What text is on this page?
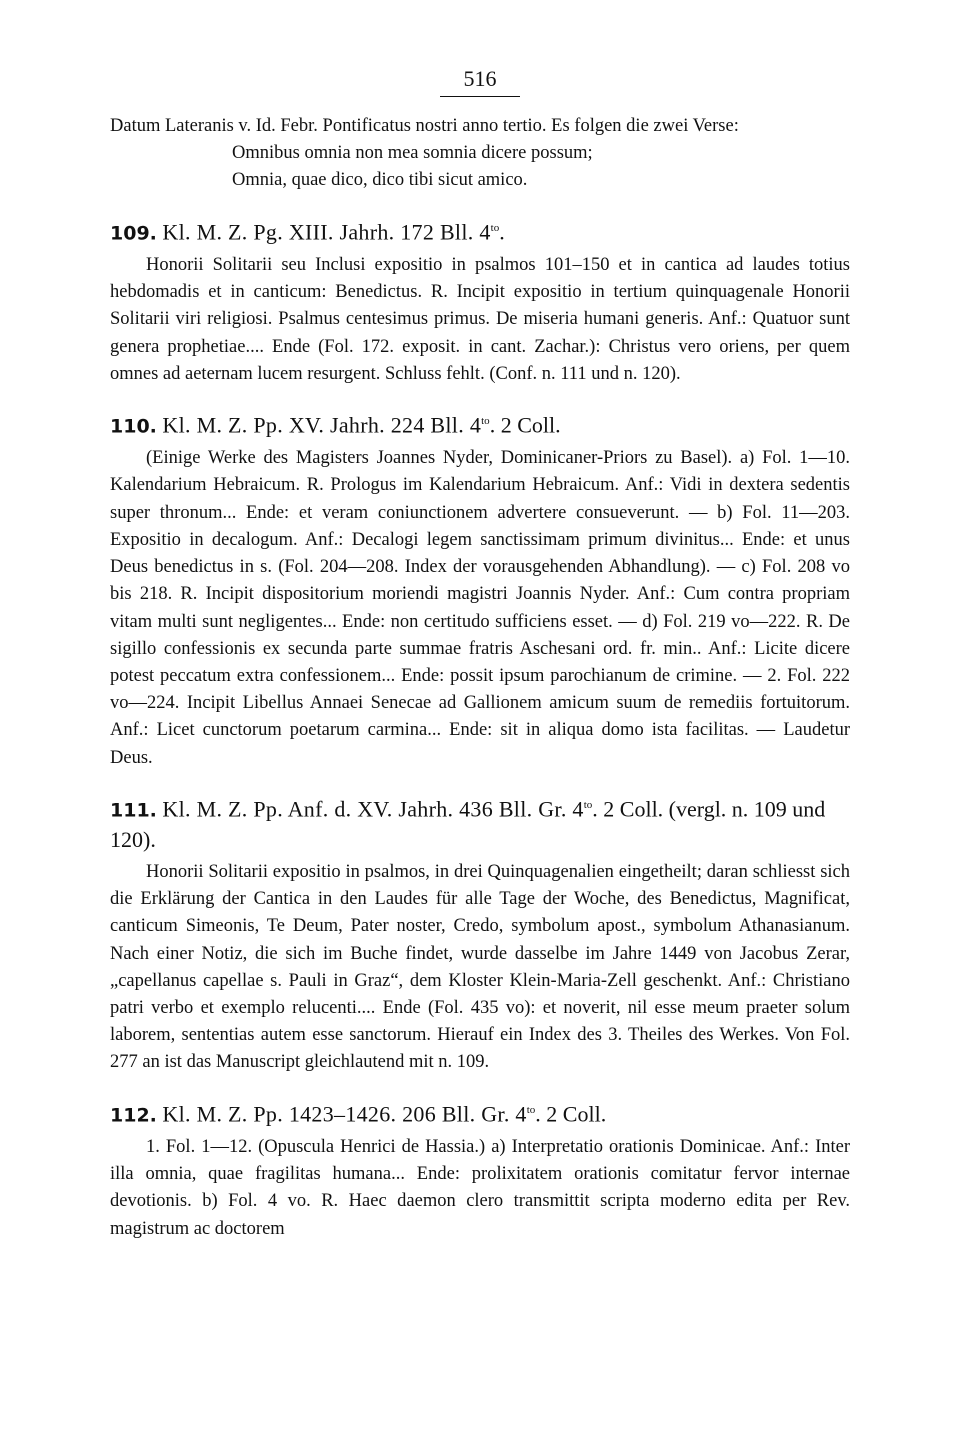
516

Datum Lateranis v. Id. Febr. Pontificatus nostri anno tertio. Es folgen die zwei Verse:

Omnibus omnia non mea somnia dicere possum;
Omnia, quae dico, dico tibi sicut amico.
109. Kl. M. Z. Pg. XIII. Jahrh. 172 Bll. $4^{to}$.

Honorii Solitarii seu Inclusi expositio in psalmos 101–150 et in cantica ad laudes totius hebdomadis et in canticum: Benedictus. R. Incipit expositio in tertium quinquagenale Honorii Solitarii viri religiosi. Psalmus centesimus primus. De miseria humani generis. Anf.: Quatuor sunt genera prophetiae.... Ende (Fol. 172. exposit. in cant. Zachar.): Christus vero oriens, per quem omnes ad aeternam lucem resurgent. Schluss fehlt. (Conf. n. 111 und n. 120).

110. Kl. M. Z. Pp. XV. Jahrh. 224 Bll. $4^{to}$. 2 Coll.

(Einige Werke des Magisters Joannes Nyder, Dominicaner-Priors zu Basel). a) Fol. 1—10. Kalendarium Hebraicum. R. Prologus im Kalendarium Hebraicum. Anf.: Vidi in dextera sedentis super thronum... Ende: et veram coniunctionem advertere consueverunt. — b) Fol. 11—203. Expositio in decalogum. Anf.: Decalogi legem sanctissimam primum divinitus... Ende: et unus Deus benedictus in s. (Fol. 204—208. Index der vorausgehenden Abhandlung). — c) Fol. 208 vo bis 218. R. Incipit dispositorium moriendi magistri Joannis Nyder. Anf.: Cum contra propriam vitam multi sunt negligentes... Ende: non certitudo sufficiens esset. — d) Fol. 219 vo—222. R. De sigillo confessionis ex secunda parte summae fratris Aschesani ord. fr. min.. Anf.: Licite dicere potest peccatum extra confessionem... Ende: possit ipsum parochianum de crimine. — 2. Fol. 222 vo—224. Incipit Libellus Annaei Senecae ad Gallionem amicum suum de remediis fortuitorum. Anf.: Licet cunctorum poetarum carmina... Ende: sit in aliqua domo ista facilitas. — Laudetur Deus.

111. Kl. M. Z. Pp. Anf. d. XV. Jahrh. 436 Bll. Gr. $4^{to}$. 2 Coll. (vergl. n. 109 und 120).

Honorii Solitarii expositio in psalmos, in drei Quinquagenalien eingetheilt; daran schliesst sich die Erklärung der Cantica in den Laudes für alle Tage der Woche, des Benedictus, Magnificat, canticum Simeonis, Te Deum, Pater noster, Credo, symbolum apost., symbolum Athanasianum. Nach einer Notiz, die sich im Buche findet, wurde dasselbe im Jahre 1449 von Jacobus Zerar, „capellanus capellae s. Pauli in Graz“, dem Kloster Klein-Maria-Zell geschenkt. Anf.: Christiano patri verbo et exemplo relucenti.... Ende (Fol. 435 vo): et noverit, nil esse meum praeter solum laborem, sententias autem esse sanctorum. Hierauf ein Index des 3. Theiles des Werkes. Von Fol. 277 an ist das Manuscript gleichlautend mit n. 109.

112. Kl. M. Z. Pp. 1423–1426. 206 Bll. Gr. $4^{to}$. 2 Coll.

1. Fol. 1—12. (Opuscula Henrici de Hassia.) a) Interpretatio orationis Dominicae. Anf.: Inter illa omnia, quae fragilitas humana... Ende: prolixitatem orationis comitatur fervor internae devotionis. b) Fol. 4 vo. R. Haec daemon clero transmittit scripta moderno edita per Rev. magistrum ac doctorem
